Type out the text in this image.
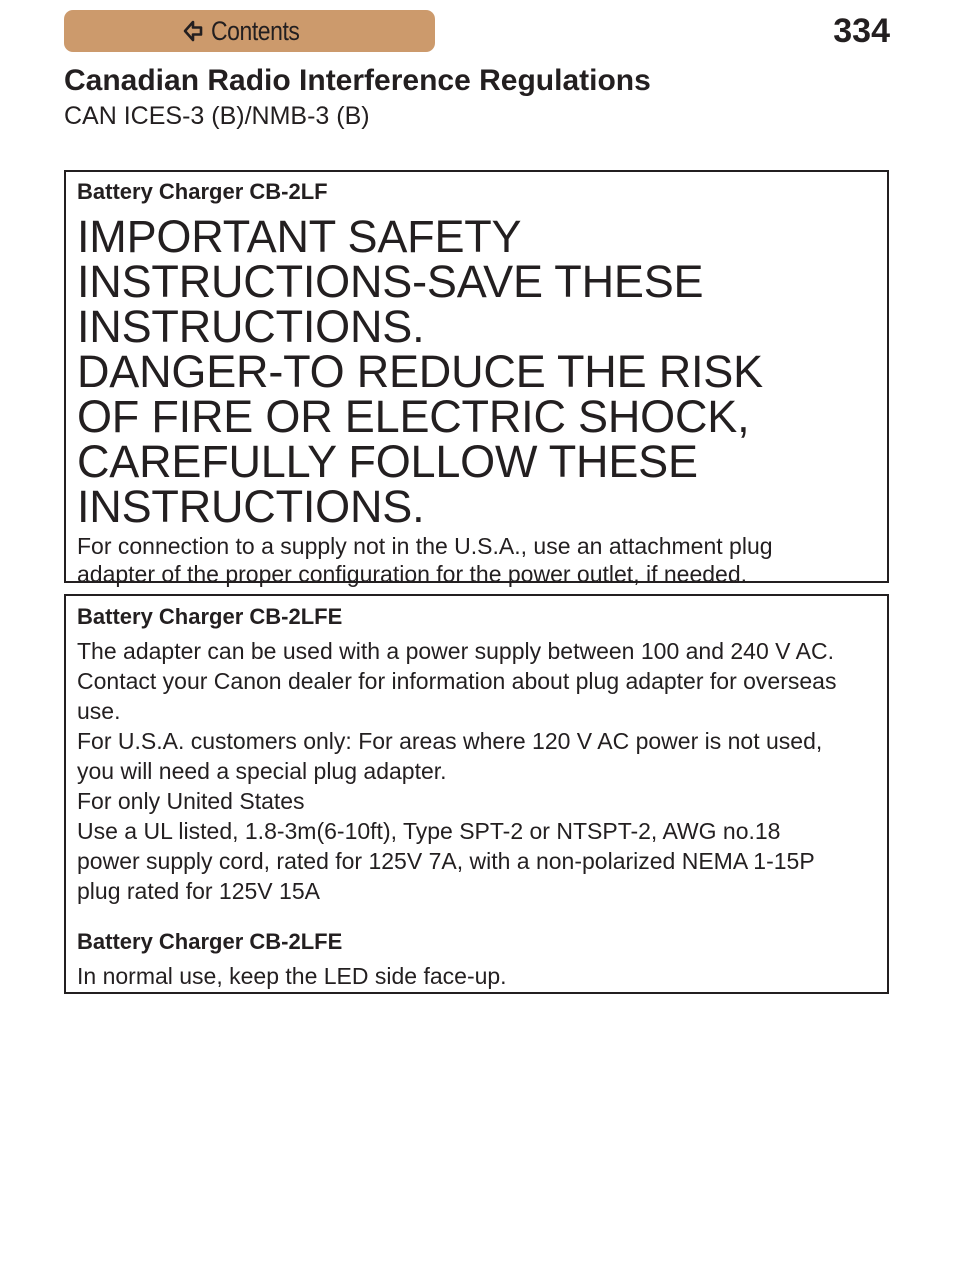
Contents	334
Canadian Radio Interference Regulations

CAN ICES-3 (B)/NMB-3 (B)

Battery Charger CB-2LF

IMPORTANT SAFETY
INSTRUCTIONS-SAVE THESE
INSTRUCTIONS.
DANGER-TO REDUCE THE RISK
OF FIRE OR ELECTRIC SHOCK,
CAREFULLY FOLLOW THESE
INSTRUCTIONS.

For connection to a supply not in the U.S.A., use an attachment plug
adapter of the proper configuration for the power outlet, if needed.

Battery Charger CB-2LFE

The adapter can be used with a power supply between 100 and 240 V AC.
Contact your Canon dealer for information about plug adapter for overseas
use.
For U.S.A. customers only: For areas where 120 V AC power is not used,
you will need a special plug adapter.
For only United States
Use a UL listed, 1.8-3m(6-10ft), Type SPT-2 or NTSPT-2, AWG no.18
power supply cord, rated for 125V 7A, with a non-polarized NEMA 1-15P
plug rated for 125V 15A

Battery Charger CB-2LFE

In normal use, keep the LED side face-up.
